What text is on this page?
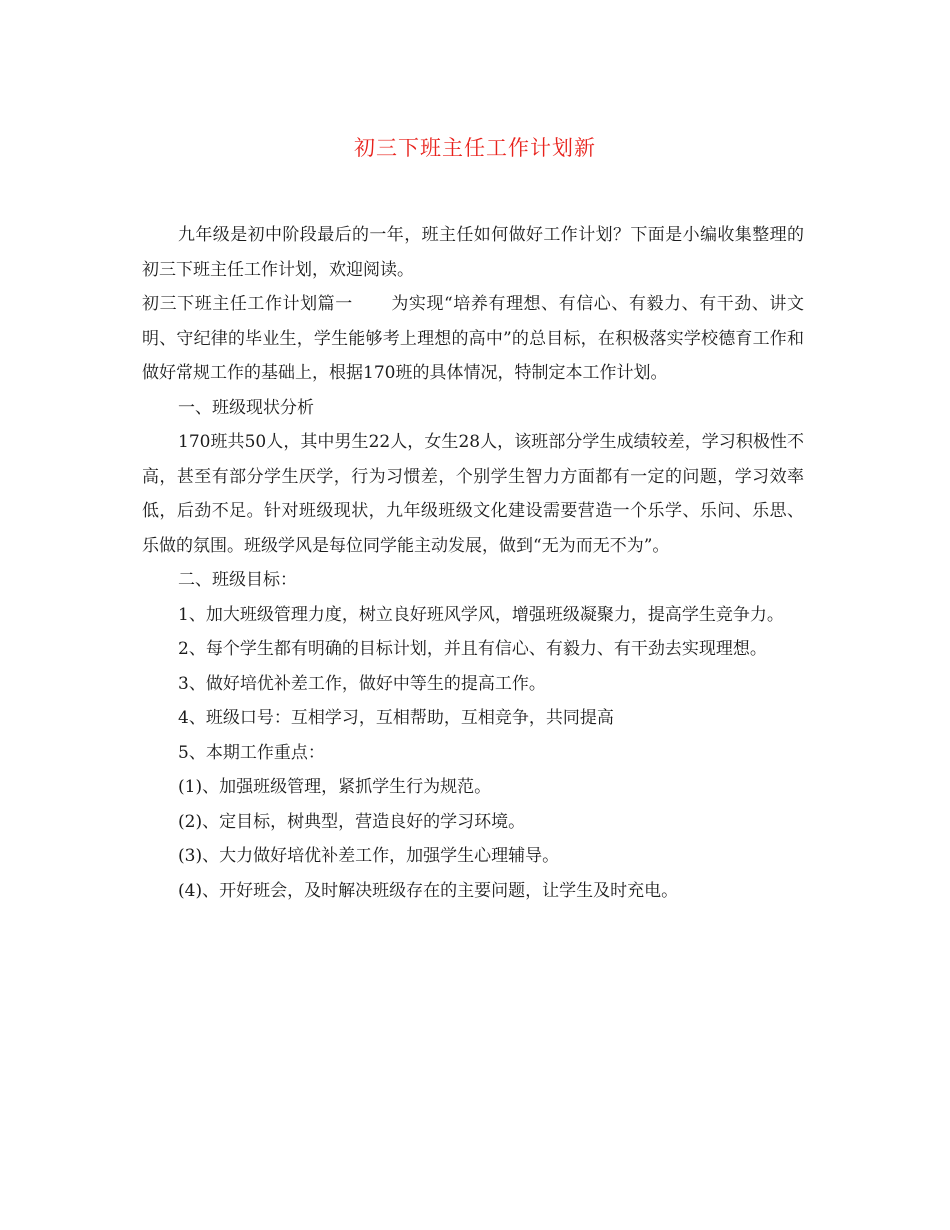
初三下班主任工作计划新

九年级是初中阶段最后的一年，班主任如何做好工作计划？下面是小编收集整理的初三下班主任工作计划，欢迎阅读。

初三下班主任工作计划篇一 为实现“培养有理想、有信心、有毅力、有干劲、讲文明、守纪律的毕业生，学生能够考上理想的高中”的总目标，在积极落实学校德育工作和做好常规工作的基础上，根据170班的具体情况，特制定本工作计划。

一、班级现状分析

170班共50人，其中男生22人，女生28人，该班部分学生成绩较差，学习积极性不高，甚至有部分学生厌学，行为习惯差，个别学生智力方面都有一定的问题，学习效率低，后劲不足。针对班级现状，九年级班级文化建设需要营造一个乐学、乐问、乐思、乐做的氛围。班级学风是每位同学能主动发展，做到“无为而无不为”。

二、班级目标：

1、加大班级管理力度，树立良好班风学风，增强班级凝聚力，提高学生竞争力。

2、每个学生都有明确的目标计划，并且有信心、有毅力、有干劲去实现理想。

3、做好培优补差工作，做好中等生的提高工作。

4、班级口号：互相学习，互相帮助，互相竞争，共同提高

5、本期工作重点：

(1)、加强班级管理，紧抓学生行为规范。

(2)、定目标，树典型，营造良好的学习环境。

(3)、大力做好培优补差工作，加强学生心理辅导。

(4)、开好班会，及时解决班级存在的主要问题，让学生及时充电。
